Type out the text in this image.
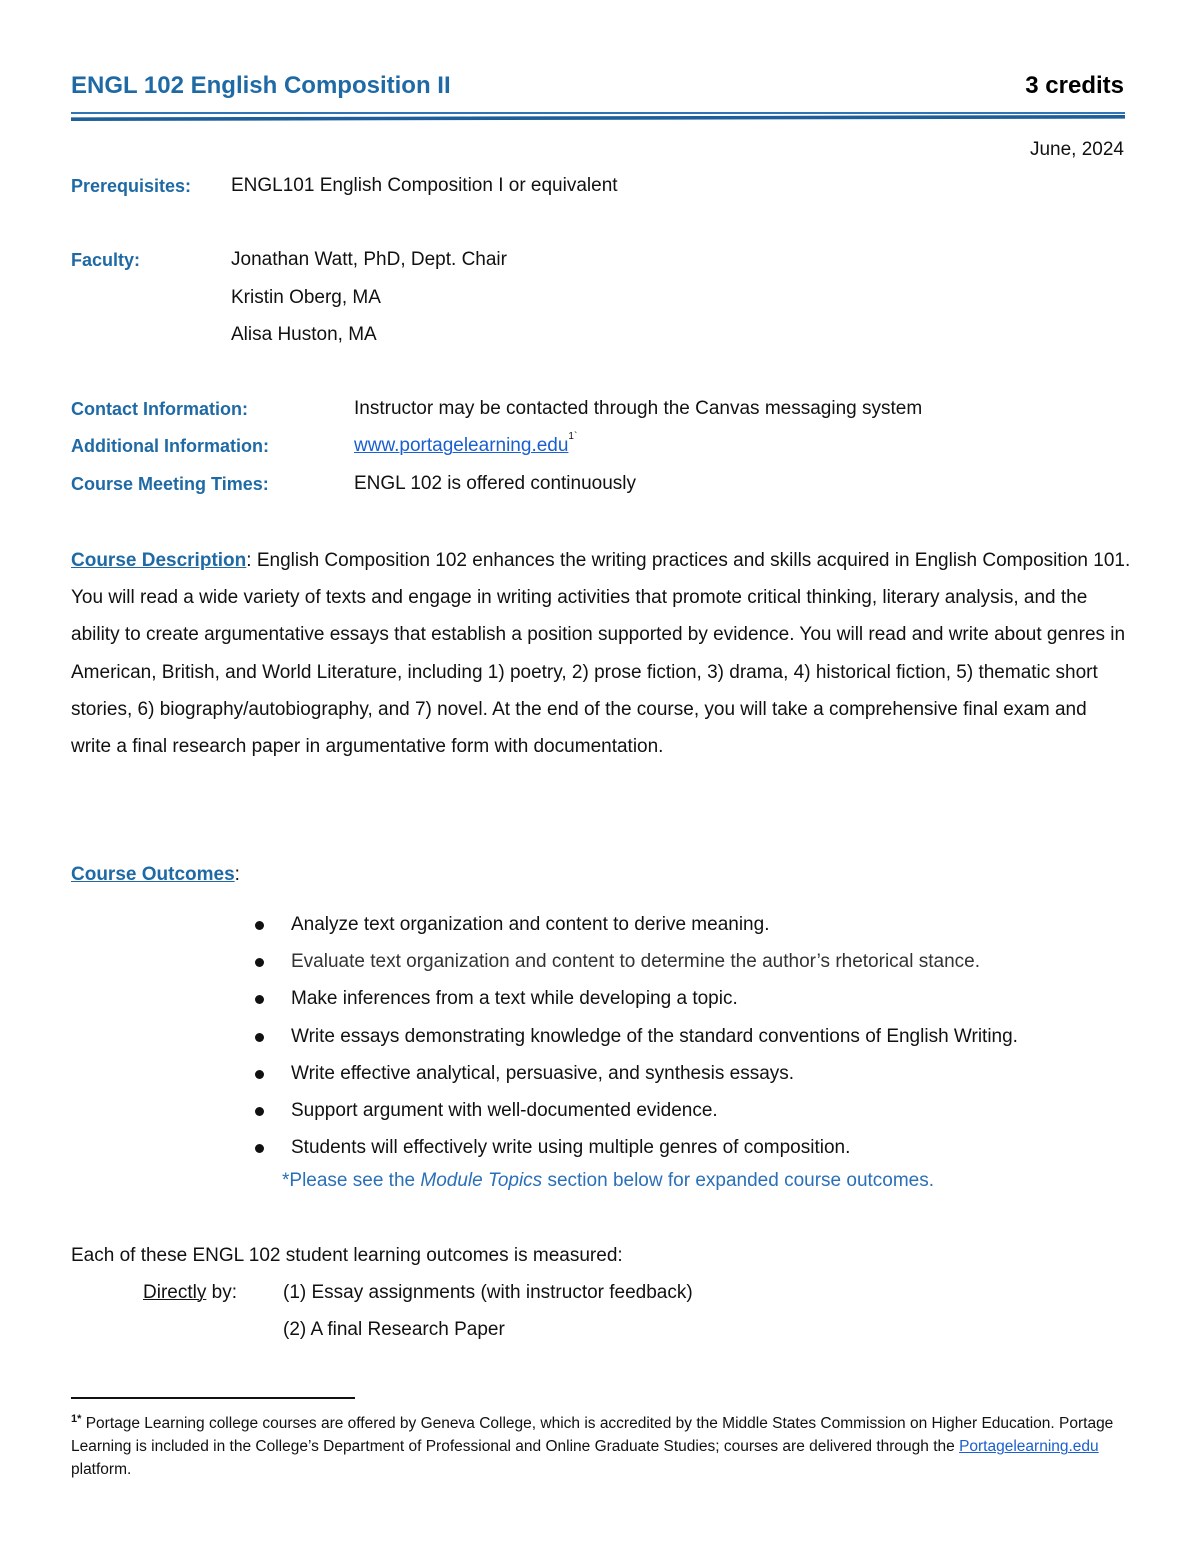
ENGL 102 English Composition II	3 credits
June, 2024
Prerequisites: ENGL101 English Composition I or equivalent
Faculty:	Jonathan Watt, PhD, Dept. Chair
Kristin Oberg, MA
Alisa Huston, MA
Contact Information:	Instructor may be contacted through the Canvas messaging system
Additional Information:	www.portagelearning.edu$^{1`}$
Course Meeting Times:	ENGL 102 is offered continuously
Course Description: English Composition 102 enhances the writing practices and skills acquired in English Composition 101. You will read a wide variety of texts and engage in writing activities that promote critical thinking, literary analysis, and the ability to create argumentative essays that establish a position supported by evidence. You will read and write about genres in American, British, and World Literature, including 1) poetry, 2) prose fiction, 3) drama, 4) historical fiction, 5) thematic short stories, 6) biography/autobiography, and 7) novel. At the end of the course, you will take a comprehensive final exam and write a final research paper in argumentative form with documentation.
Course Outcomes:
Analyze text organization and content to derive meaning.
Evaluate text organization and content to determine the author’s rhetorical stance.
Make inferences from a text while developing a topic.
Write essays demonstrating knowledge of the standard conventions of English Writing.
Write effective analytical, persuasive, and synthesis essays.
Support argument with well-documented evidence.
Students will effectively write using multiple genres of composition.
*Please see the Module Topics section below for expanded course outcomes.
Each of these ENGL 102 student learning outcomes is measured:
Directly by: (1) Essay assignments (with instructor feedback)
(2) A final Research Paper
$^{1*}$ Portage Learning college courses are offered by Geneva College, which is accredited by the Middle States Commission on Higher Education. Portage Learning is included in the College’s Department of Professional and Online Graduate Studies; courses are delivered through the Portagelearning.edu platform.
